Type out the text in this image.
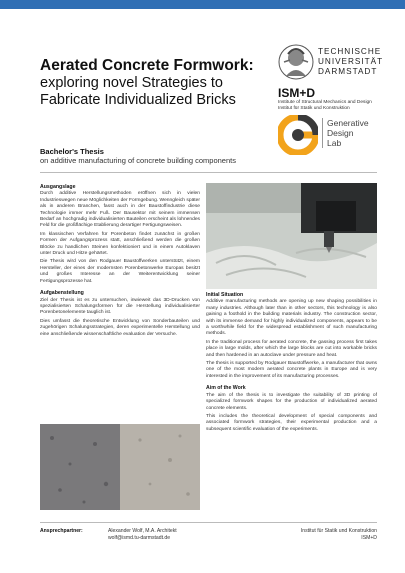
Aerated Concrete Formwork:
exploring novel Strategies to
Fabricate Individualized Bricks
TECHNISCHE
UNIVERSITÄT
DARMSTADT
ISM+D
Institute of Structural Mechanics and Design
Institut für Statik und Konstruktion
Generative
Design
Lab
Bachelor's Thesis
on additive manufacturing of concrete building components
Ausgangslage

Durch additive Herstellungsmethoden eröffnen sich in vielen Industrieswegen neue Möglichkeiten der Formgebung. Wenngleich später als in anderen Branchen, fasst auch in der Baustoffindustrie diese Technologie immer mehr Fuß. Der Bausektor mit seinem immensen Bedarf an hochgradig individualisierten Bauteilen erscheint als lohnendes Feld für die großflächige Etablierung derartiger Fertigungsweisen.

Im klassischen Verfahren für Porenbeton findet zunächst in großen Formen der Aufgangsprozess statt, anschließend werden die großen Blöcke zu handlichen Steinen konfektioniert und in einem Autoklaven unter Druck und Hitze gehärtet.

Die Thesis wird von den Rodgauer Baustoffwerken unterstützt, einem Hersteller, der eines der modernsten Porenbetonwerke Europas besitzt und großes Interesse an der Weiterentwicklung seiner Fertigungsprozesse hat.

Aufgabenstellung

Ziel der Thesis ist es zu untersuchen, inwieweit das 3D-Drucken von spezialisierten Schalungsformen für die Herstellung individualisierter Porenbetonelemente tauglich ist.

Dies umfasst die theoretische Entwicklung von Sonderbauteilen und zugehörigen Schalungsstrategien, deren experimentelle Herstellung und eine anschließende wissenschaftliche evaluation der Versuche.

Initial Situation

Additive manufacturing methods are opening up new shaping possibilities in many industries. Although later than in other sectors, this technology is also gaining a foothold in the building materials industry. The construction sector, with its immense demand for highly individualized components, appears to be a worthwhile field for the widespread establishment of such manufacturing methods.

In the traditional process for aerated concrete, the gassing process first takes place in large molds, after which the large blocks are cut into workable bricks and then hardened in an autoclave under pressure and heat.

The thesis is supported by Rodgauer Baustoffwerke, a manufacturer that owns one of the most modern aerated concrete plants in Europe and is very interested in the improvement of its manufacturing processes.

Aim of the Work

The aim of the thesis is to investigate the suitability of 3D printing of specialized formwork shapes for the production of individualized aerated concrete elements.

This includes the theoretical development of special components and associated formwork strategies, their experimental production and a subsequent scientific evaluation of the experiments.

Ansprechpartner:	Alexander Wolf, M.A. Architekt
wolf@ismd.tu-darmstadt.de
Institut für Statik und Konstruktion
ISM+D
